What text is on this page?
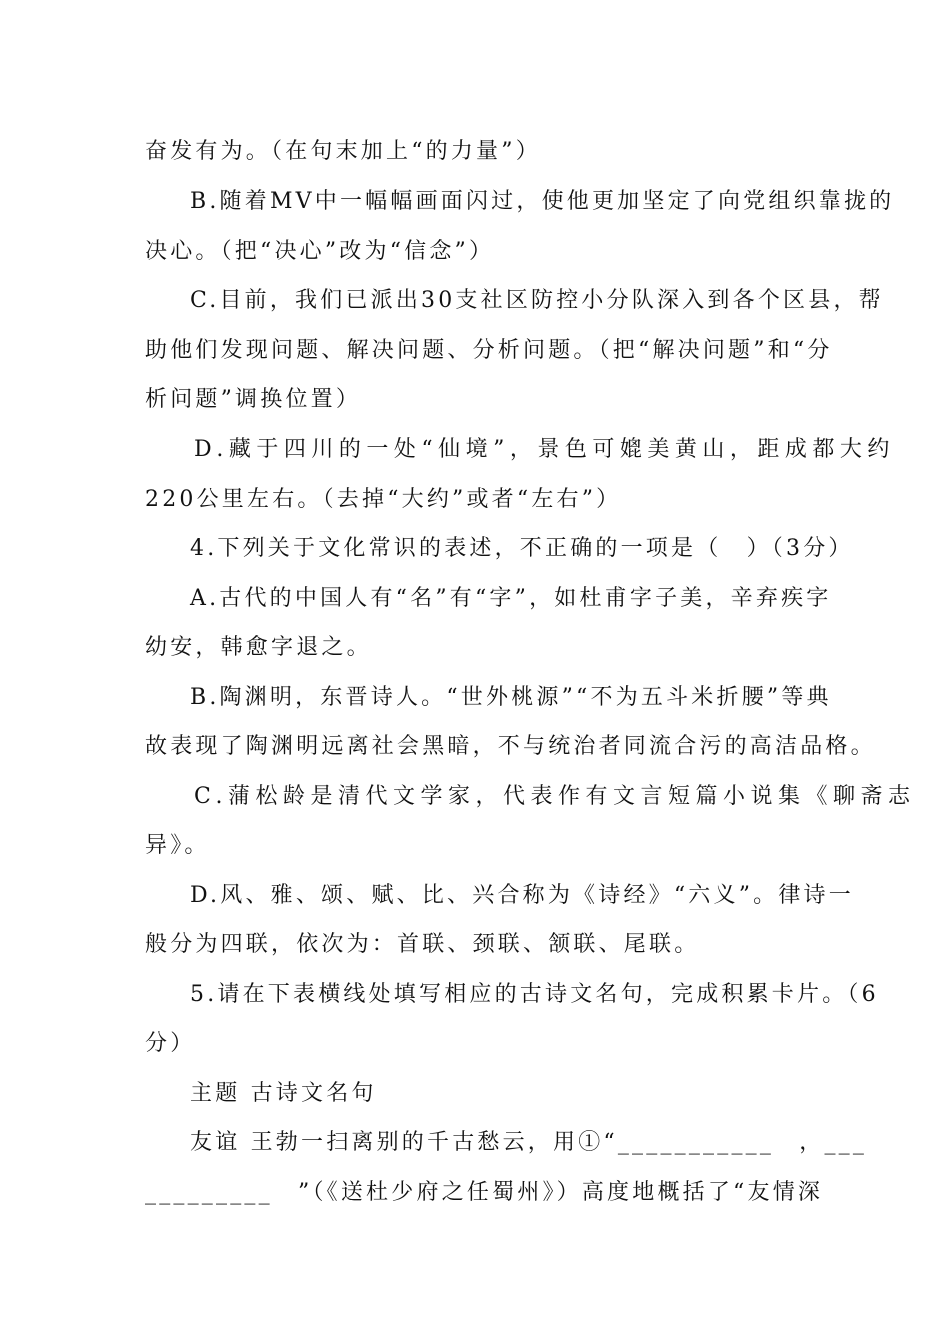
奋发有为。（在句末加上“的力量”）
B.随着MV中一幅幅画面闪过，使他更加坚定了向党组织靠拢的
决心。（把“决心”改为“信念”）
C.目前，我们已派出30支社区防控小分队深入到各个区县，帮
助他们发现问题、解决问题、分析问题。（把“解决问题”和“分
析问题”调换位置）
D.藏于四川的一处“仙境”，景色可媲美黄山，距成都大约
220公里左右。（去掉“大约”或者“左右”）
4.下列关于文化常识的表述，不正确的一项是（　）（3分）
A.古代的中国人有“名”有“字”，如杜甫字子美，辛弃疾字
幼安，韩愈字退之。
B.陶渊明，东晋诗人。“世外桃源”“不为五斗米折腰”等典
故表现了陶渊明远离社会黑暗，不与统治者同流合污的高洁品格。
C.蒲松龄是清代文学家，代表作有文言短篇小说集《聊斋志
异》。
D.风、雅、颂、赋、比、兴合称为《诗经》“六义”。律诗一
般分为四联，依次为：首联、颈联、颔联、尾联。
5.请在下表横线处填写相应的古诗文名句，完成积累卡片。（6
分）
主题 古诗文名句
友谊 王勃一扫离别的千古愁云，用①“___________　，___
_________　”（《送杜少府之任蜀州》）高度地概括了“友情深
